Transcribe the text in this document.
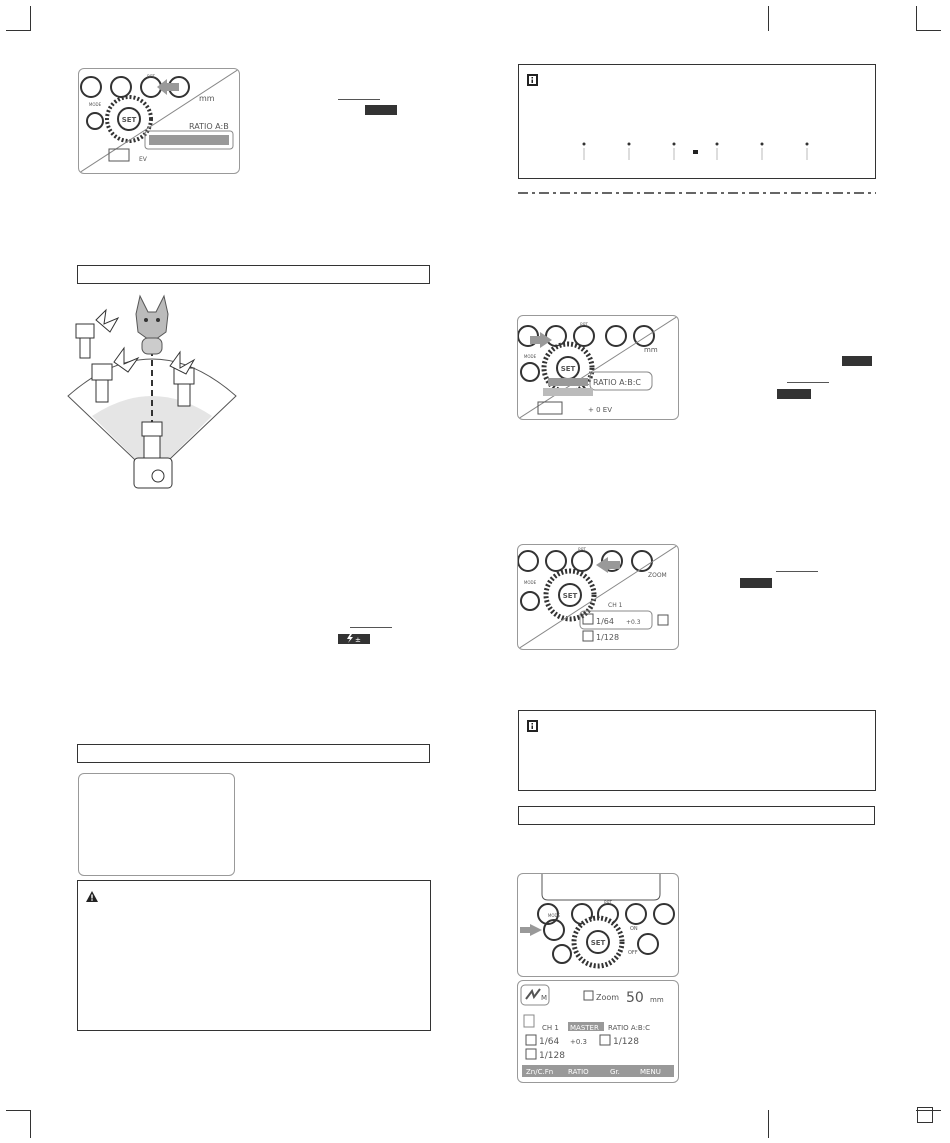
SET
MODE
RPT
mm
RATIO A:B
EV
±
RPT
SET
MODE
mm
RATIO A:B:C
+ 0 EV
RPT
SET
MODE
ZOOM
CH 1
1/64 +0.3
1/128
RPT
SET
MODE
ON
OFF
M	Zoom 50 mm
CH 1 MASTER RATIO A:B:C
1/64 +0.3	1/128
1/128
Zn/C.Fn RATIO	Gr.	MENU
